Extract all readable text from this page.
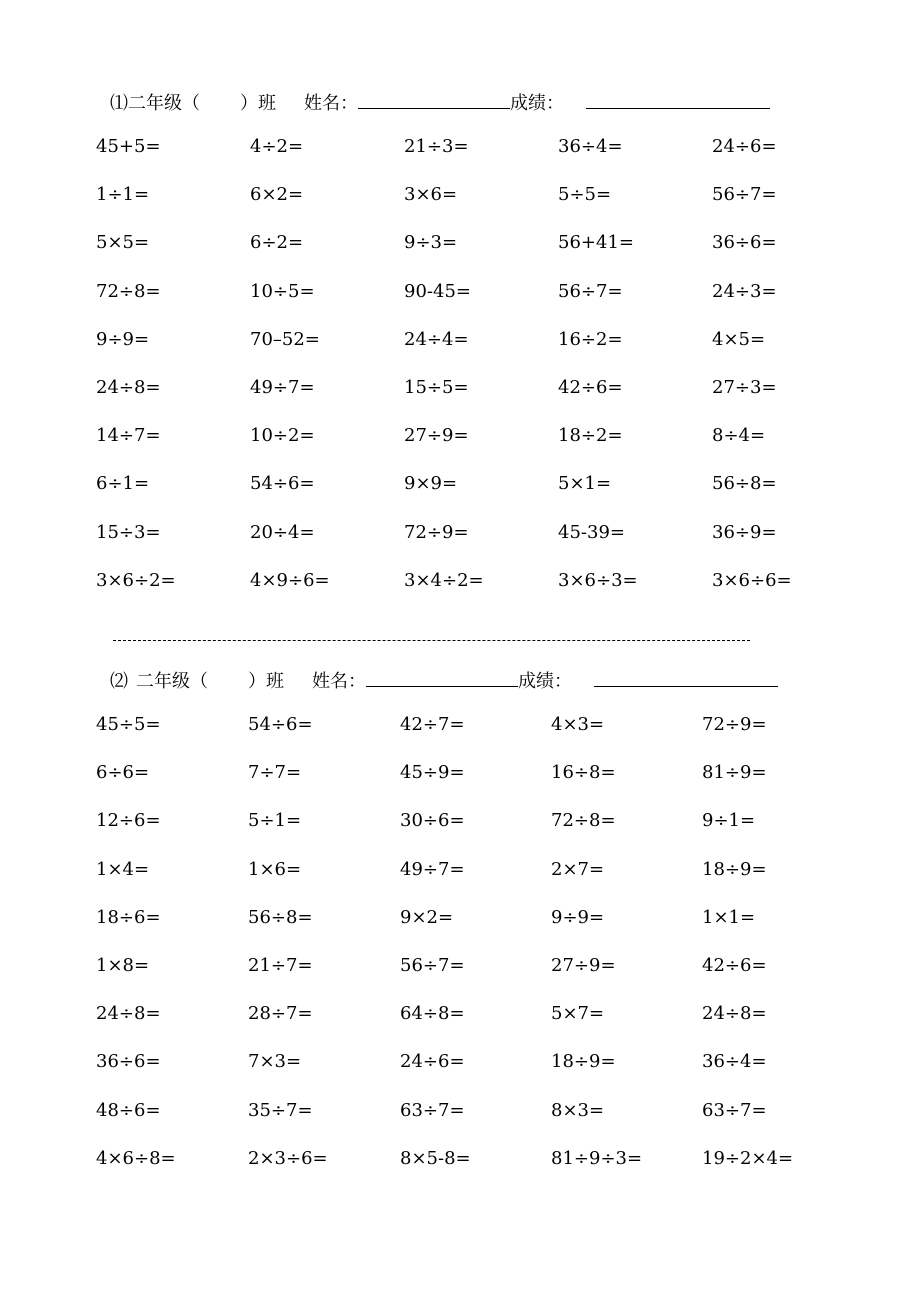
⑴二年级（ ）班 姓名：	成绩：
45+5=	4÷2=	21÷3=	36÷4=	24÷6=
1÷1=	6×2=	3×6=	5÷5=	56÷7=
5×5=	6÷2=	9÷3=	56+41=	36÷6=
72÷8=	10÷5=	90-45=	56÷7=	24÷3=
9÷9=	70–52=	24÷4=	16÷2=	4×5=
24÷8=	49÷7=	15÷5=	42÷6=	27÷3=
14÷7=	10÷2=	27÷9=	18÷2=	8÷4=
6÷1=	54÷6=	9×9=	5×1=	56÷8=
15÷3=	20÷4=	72÷9=	45-39=	36÷9=
3×6÷2=	4×9÷6=	3×4÷2=	3×6÷3=	3×6÷6=
⑵ 二年级（ ）班 姓名：	成绩：
45÷5=	54÷6=	42÷7=	4×3=	72÷9=
6÷6=	7÷7=	45÷9=	16÷8=	81÷9=
12÷6=	5÷1=	30÷6=	72÷8=	9÷1=
1×4=	1×6=	49÷7=	2×7=	18÷9=
18÷6=	56÷8=	9×2=	9÷9=	1×1=
1×8=	21÷7=	56÷7=	27÷9=	42÷6=
24÷8=	28÷7=	64÷8=	5×7=	24÷8=
36÷6=	7×3=	24÷6=	18÷9=	36÷4=
48÷6=	35÷7=	63÷7=	8×3=	63÷7=
4×6÷8=	2×3÷6=	8×5-8=	81÷9÷3=	19÷2×4=
